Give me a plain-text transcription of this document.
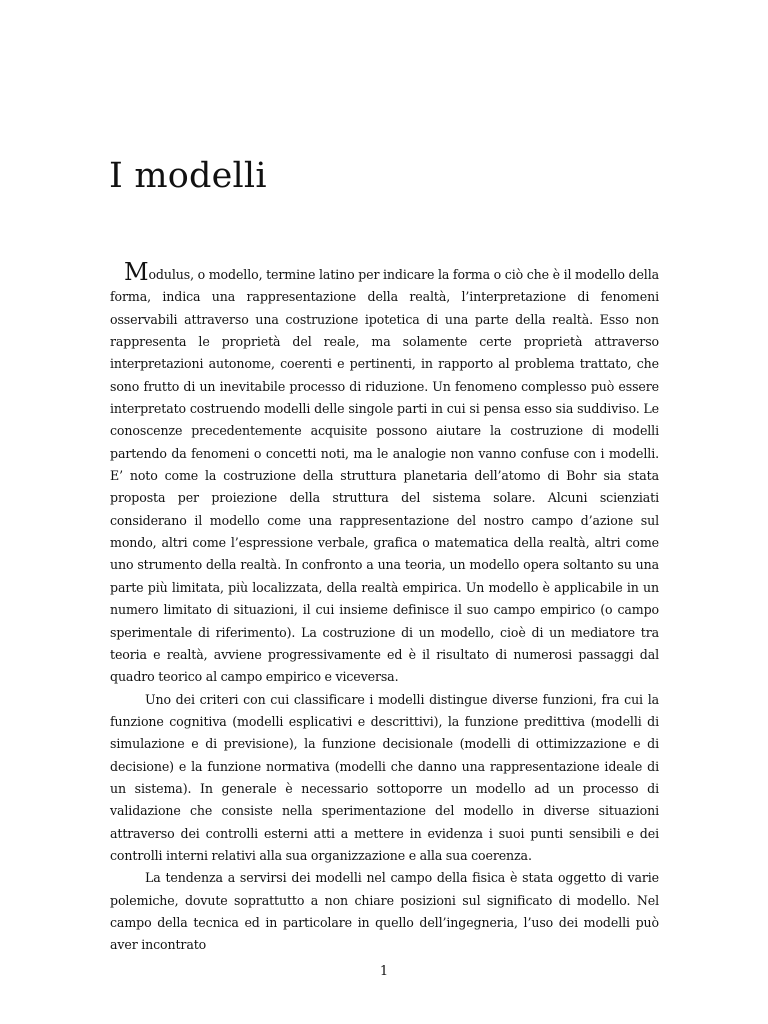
I modelli

Modulus, o modello, termine latino per indicare la forma o ciò che è il modello della forma, indica una rappresentazione della realtà, l’interpretazione di fenomeni osservabili attraverso una costruzione ipotetica di una parte della realtà. Esso non rappresenta le proprietà del reale, ma solamente certe proprietà attraverso interpretazioni autonome, coerenti e pertinenti, in rapporto al problema trattato, che sono frutto di un inevitabile processo di riduzione. Un fenomeno complesso può essere interpretato costruendo modelli delle singole parti in cui si pensa esso sia suddiviso. Le conoscenze precedentemente acquisite possono aiutare la costruzione di modelli partendo da fenomeni o concetti noti, ma le analogie non vanno confuse con i modelli. E’ noto come la costruzione della struttura planetaria dell’atomo di Bohr sia stata proposta per proiezione della struttura del sistema solare. Alcuni scienziati considerano il modello come una rappresentazione del nostro campo d’azione sul mondo, altri come l’espressione verbale, grafica o matematica della realtà, altri come uno strumento della realtà. In confronto a una teoria, un modello opera soltanto su una parte più limitata, più localizzata, della realtà empirica. Un modello è applicabile in un numero limitato di situazioni, il cui insieme definisce il suo campo empirico (o campo sperimentale di riferimento). La costruzione di un modello, cioè di un mediatore tra teoria e realtà, avviene progressivamente ed è il risultato di numerosi passaggi dal quadro teorico al campo empirico e viceversa.

Uno dei criteri con cui classificare i modelli distingue diverse funzioni, fra cui la funzione cognitiva (modelli esplicativi e descrittivi), la funzione predittiva (modelli di simulazione e di previsione), la funzione decisionale (modelli di ottimizzazione e di decisione) e la funzione normativa (modelli che danno una rappresentazione ideale di un sistema). In generale è necessario sottoporre un modello ad un processo di validazione che consiste nella sperimentazione del modello in diverse situazioni attraverso dei controlli esterni atti a mettere in evidenza i suoi punti sensibili e dei controlli interni relativi alla sua organizzazione e alla sua coerenza.

La tendenza a servirsi dei modelli nel campo della fisica è stata oggetto di varie polemiche, dovute soprattutto a non chiare posizioni sul significato di modello. Nel campo della tecnica ed in particolare in quello dell’ingegneria, l’uso dei modelli può aver incontrato

1
